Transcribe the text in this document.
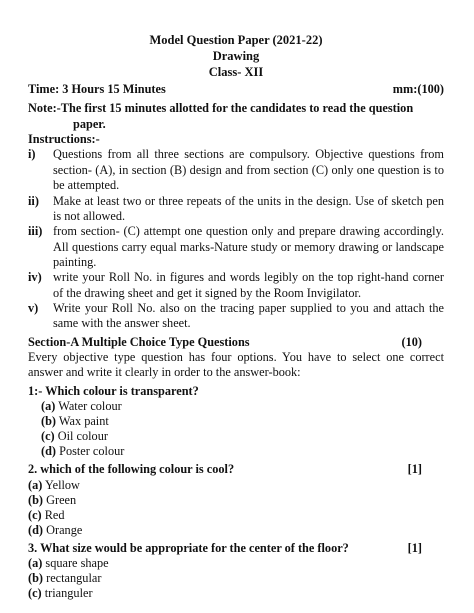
Model Question Paper (2021-22)
Drawing
Class- XII
Time: 3 Hours 15 Minutes	mm:(100)
Note:-The first 15 minutes allotted for the candidates to read the question
paper.
Instructions:-
i)	Questions from all three sections are compulsory. Objective questions from section- (A), in section (B) design and from section (C) only one question is to be attempted.
ii)	Make at least two or three repeats of the units in the design. Use of sketch pen is not allowed.
iii) from section- (C) attempt one question only and prepare drawing accordingly. All questions carry equal marks-Nature study or memory drawing or landscape painting.
iv) write your Roll No. in figures and words legibly on the top right-hand corner of the drawing sheet and get it signed by the Room Invigilator.
v)	Write your Roll No. also on the tracing paper supplied to you and attach the same with the answer sheet.
Section-A Multiple Choice Type Questions	(10)
Every objective type question has four options. You have to select one correct answer and write it clearly in order to the answer-book:
1:- Which colour is transparent?
(a) Water colour
(b) Wax paint
(c) Oil colour
(d) Poster colour
2. which of the following colour is cool?	[1]
(a) Yellow
(b) Green
(c) Red
(d) Orange
3. What size would be appropriate for the center of the floor?	[1]
(a) square shape
(b) rectangular
(c) trianguler
